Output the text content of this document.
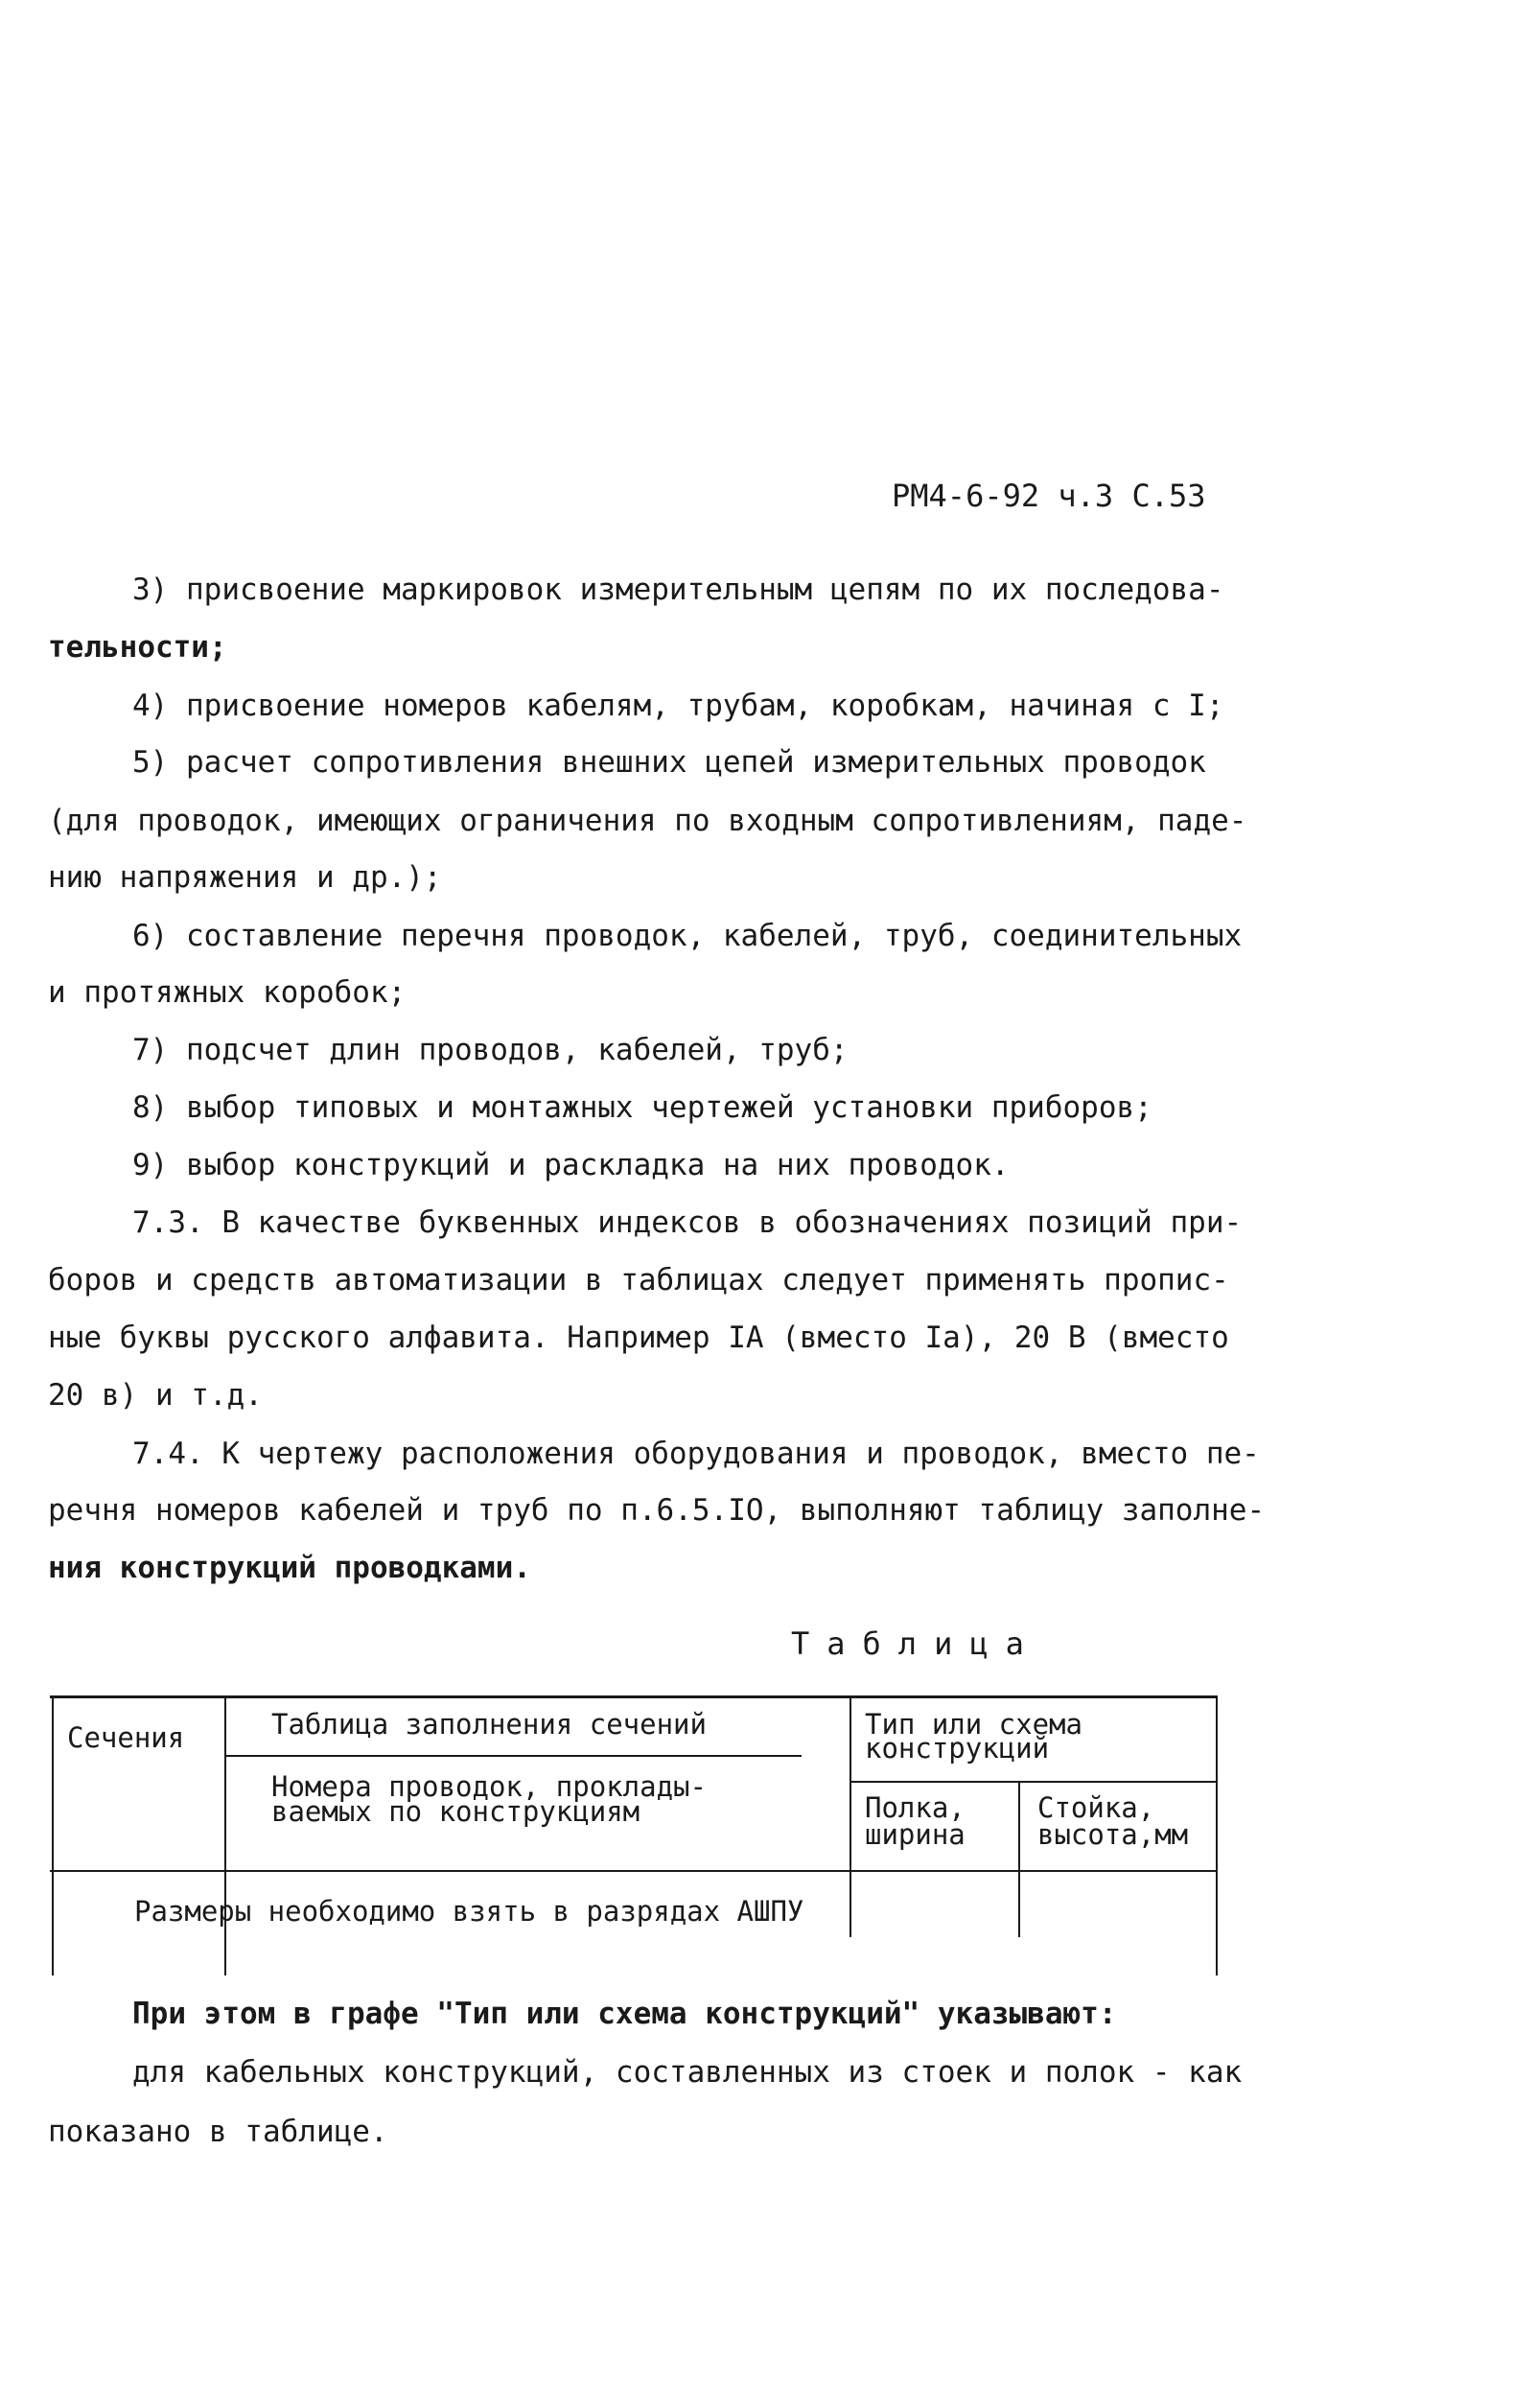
РМ4-6-92 ч.3 С.53
3) присвоение маркировок измерительным цепям по их последова-
тельности;
4) присвоение номеров кабелям, трубам, коробкам, начиная с I;
5) расчет сопротивления внешних цепей измерительных проводок
(для проводок, имеющих ограничения по входным сопротивлениям, паде-
нию напряжения и др.);
6) составление перечня проводок, кабелей, труб, соединительных
и протяжных коробок;
7) подсчет длин проводов, кабелей, труб;
8) выбор типовых и монтажных чертежей установки приборов;
9) выбор конструкций и раскладка на них проводок.
7.3. В качестве буквенных индексов в обозначениях позиций при-
боров и средств автоматизации в таблицах следует применять пропис-
ные буквы русского алфавита. Например IA (вместо Ia), 20 В (вместо
20 в) и т.д.
7.4. К чертежу расположения оборудования и проводок, вместо пе-
речня номеров кабелей и труб по п.6.5.IO, выполняют таблицу заполне-
ния конструкций проводками.
Таблица
Сечения	Таблица заполнения сечений
Номера проводок, проклады-
ваемых по конструкциям
Тип или схема
конструкций
Полка,
ширина
Стойка,
высота,мм
Размеры необходимо взять в разрядах АШПУ
При этом в графе "Тип или схема конструкций" указывают:
для кабельных конструкций, составленных из стоек и полок - как
показано в таблице.
